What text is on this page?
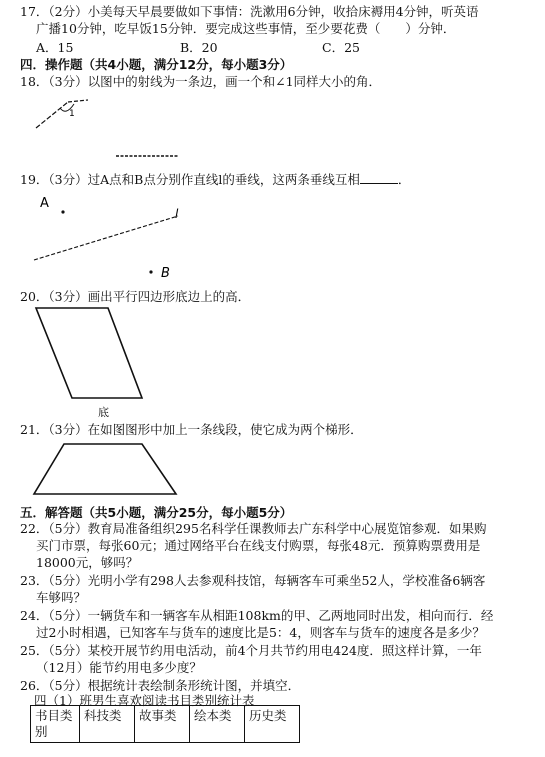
17．（2分）小美每天早晨要做如下事情：洗漱用6分钟，收拾床褥用4分钟，听英语
广播10分钟，吃早饭15分钟．要完成这些事情，至少要花费（　　）分钟．
A．15	B．20	C．25
四．操作题（共4小题，满分12分，每小题3分）
18．（3分）以图中的射线为一条边，画一个和∠1同样大小的角．
1
19．（3分）过A点和B点分别作直线l的垂线，这两条垂线互相	．
A
l
B
20．（3分）画出平行四边形底边上的高．
底
21．（3分）在如图图形中加上一条线段，使它成为两个梯形．
五．解答题（共5小题，满分25分，每小题5分）
22．（5分）教育局准备组织295名科学任课教师去广东科学中心展览馆参观．如果购
买门市票，每张60元；通过网络平台在线支付购票，每张48元．预算购票费用是
18000元，够吗？
23．（5分）光明小学有298人去参观科技馆，每辆客车可乘坐52人，学校准备6辆客
车够吗？
24．（5分）一辆货车和一辆客车从相距108km的甲、乙两地同时出发，相向而行．经
过2小时相遇，已知客车与货车的速度比是5：4，则客车与货车的速度各是多少？
25．（5分）某校开展节约用电活动，前4个月共节约用电424度．照这样计算，一年
（12月）能节约用电多少度？
26．（5分）根据统计表绘制条形统计图，并填空．
四（1）班男生喜欢阅读书目类别统计表
书目类别	科技类	故事类	绘本类	历史类
